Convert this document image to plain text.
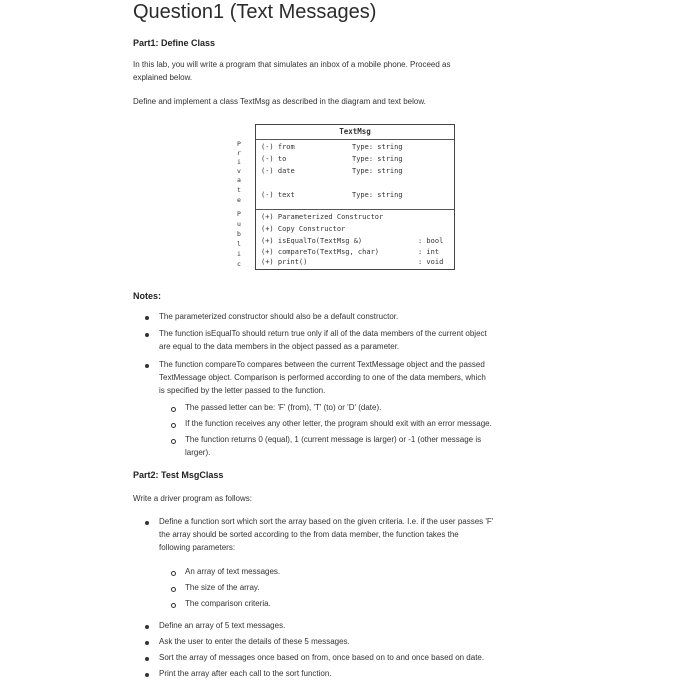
Question1 (Text Messages)
Part1: Define Class
In this lab, you will write a program that simulates an inbox of a mobile phone. Proceed as
explained below.
Define and implement a class TextMsg as described in the diagram and text below.
P
r
i
v
a
t
e
P
u
b
l
i
c
TextMsg
(-) from	Type: string
(-) to	Type: string
(-) date	Type: string
(-) text	Type: string
(+) Parameterized Constructor
(+) Copy Constructor
(+) isEqualTo(TextMsg &)	: bool
(+) compareTo(TextMsg, char)	: int
(+) print()	: void
Notes:
The parameterized constructor should also be a default constructor.
The function isEqualTo should return true only if all of the data members of the current object
are equal to the data members in the object passed as a parameter.
The function compareTo compares between the current TextMessage object and the passed
TextMessage object. Comparison is performed according to one of the data members, which
is specified by the letter passed to the function.
The passed letter can be: 'F' (from), 'T' (to) or 'D' (date).
If the function receives any other letter, the program should exit with an error message.
The function returns 0 (equal), 1 (current message is larger) or -1 (other message is
larger).
Part2: Test MsgClass
Write a driver program as follows:
Define a function sort which sort the array based on the given criteria. I.e. if the user passes 'F'
the array should be sorted according to the from data member, the function takes the
following parameters:
An array of text messages.
The size of the array.
The comparison criteria.
Define an array of 5 text messages.
Ask the user to enter the details of these 5 messages.
Sort the array of messages once based on from, once based on to and once based on date.
Print the array after each call to the sort function.
